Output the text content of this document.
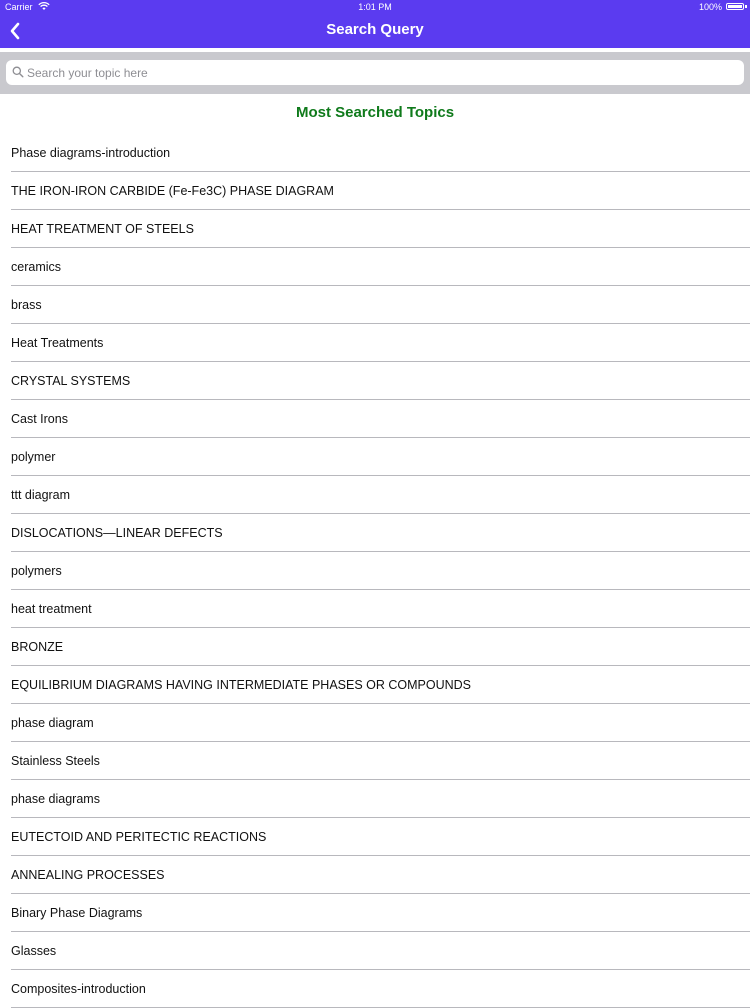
Carrier	1:01 PM	100%
Search Query
Search your topic here
Most Searched Topics
Phase diagrams-introduction
THE IRON-IRON CARBIDE (Fe-Fe3C) PHASE DIAGRAM
HEAT TREATMENT OF STEELS
ceramics
brass
Heat Treatments
CRYSTAL SYSTEMS
Cast Irons
polymer
ttt diagram
DISLOCATIONS—LINEAR DEFECTS
polymers
heat treatment
BRONZE
EQUILIBRIUM DIAGRAMS HAVING INTERMEDIATE PHASES OR COMPOUNDS
phase diagram
Stainless Steels
phase diagrams
EUTECTOID AND PERITECTIC REACTIONS
ANNEALING PROCESSES
Binary Phase Diagrams
Glasses
Composites-introduction
